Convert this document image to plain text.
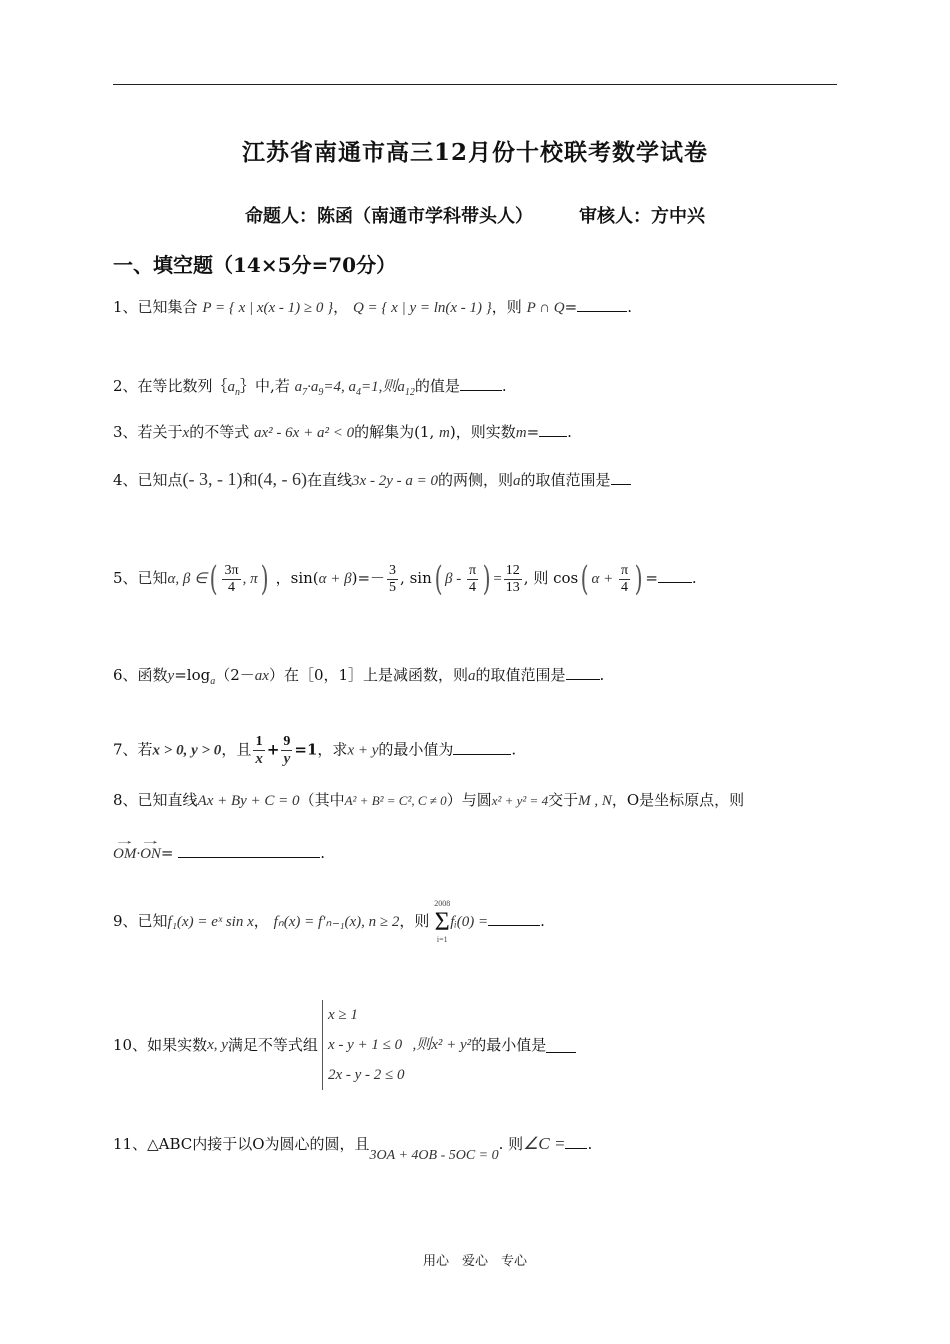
江苏省南通市高三12月份十校联考数学试卷
命题人：陈函（南通市学科带头人）	审核人：方中兴
一、填空题（14×5分=70分）
1、已知集合 P = { x | x(x - 1) ≥ 0 }， Q = { x | y = ln(x - 1) }，则 P ∩ Q=	.
2、在等比数列$\{a_n\}$中,若 $a_7\cdot a_9=4$, $a_4=1$,则$a_{12}$的值是	.
3、若关于x的不等式 ax² - 6x + a² < 0的解集为(1, m)，则实数m= .
4、已知点(- 3, - 1)和(4, - 6)在直线3x - 2y - a = 0的两侧，则a的取值范围是
5、已知α, β ∈( $\frac{3\pi}{4}$ , π) ，$\sin(\alpha + \beta)=- \frac{3}{5}$ , sin( β - $\frac{\pi}{4}$ ) = $\frac{12}{13}$ , 则 cos( $\alpha + \frac{\pi}{4}$ ) = .
6、函数$y=\log_a(2-ax)$在［0，1］上是减函数，则a的取值范围是 .
7、若x > 0, y > 0，且 $\frac{1}{x} + \frac{9}{y} =1$，求x + y的最小值为	.
8、已知直线Ax + By + C = 0（其中A² + B² = C², C ≠ 0）与圆x² + y² = 4交于M , N，O是坐标原点，则
→ OM·→ ON=	.
9、已知f₁(x) = eˣ sin x， fₙ(x) = f′ₙ₋₁(x), n ≥ 2，则
2008
Σ
i=1
fᵢ(0) =	.
10、如果实数x, y满足不等式组
x ≥ 1
x - y + 1 ≤ 0
2x - y - 2 ≤ 0
,则x² + y²的最小值是
11、△ABC内接于以O为圆心的圆，且3OA + 4OB - 5OC = 0. 则∠C = .
用心　爱心　专心
